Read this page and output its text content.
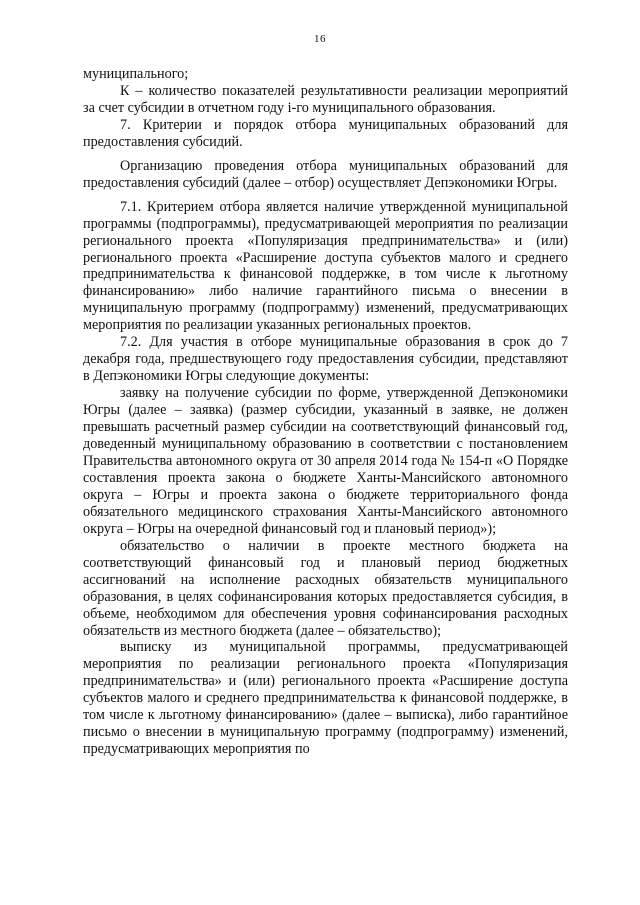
16

муниципального;

К – количество показателей результативности реализации мероприятий за счет субсидии в отчетном году i-го муниципального образования.

7. Критерии и порядок отбора муниципальных образований для предоставления субсидий.

Организацию проведения отбора муниципальных образований для предоставления субсидий (далее – отбор) осуществляет Депэкономики Югры.

7.1. Критерием отбора является наличие утвержденной муниципальной программы (подпрограммы), предусматривающей мероприятия по реализации регионального проекта «Популяризация предпринимательства» и (или) регионального проекта «Расширение доступа субъектов малого и среднего предпринимательства к финансовой поддержке, в том числе к льготному финансированию» либо наличие гарантийного письма о внесении в муниципальную программу (подпрограмму) изменений, предусматривающих мероприятия по реализации указанных региональных проектов.

7.2. Для участия в отборе муниципальные образования в срок до 7 декабря года, предшествующего году предоставления субсидии, представляют в Депэкономики Югры следующие документы:

заявку на получение субсидии по форме, утвержденной Депэкономики Югры (далее – заявка) (размер субсидии, указанный в заявке, не должен превышать расчетный размер субсидии на соответствующий финансовый год, доведенный муниципальному образованию в соответствии с постановлением Правительства автономного округа от 30 апреля 2014 года № 154-п «О Порядке составления проекта закона о бюджете Ханты-Мансийского автономного округа – Югры и проекта закона о бюджете территориального фонда обязательного медицинского страхования Ханты-Мансийского автономного округа – Югры на очередной финансовый год и плановый период»);

обязательство о наличии в проекте местного бюджета на соответствующий финансовый год и плановый период бюджетных ассигнований на исполнение расходных обязательств муниципального образования, в целях софинансирования которых предоставляется субсидия, в объеме, необходимом для обеспечения уровня софинансирования расходных обязательств из местного бюджета (далее – обязательство);

выписку из муниципальной программы, предусматривающей мероприятия по реализации регионального проекта «Популяризация предпринимательства» и (или) регионального проекта «Расширение доступа субъектов малого и среднего предпринимательства к финансовой поддержке, в том числе к льготному финансированию» (далее – выписка), либо гарантийное письмо о внесении в муниципальную программу (подпрограмму) изменений, предусматривающих мероприятия по
